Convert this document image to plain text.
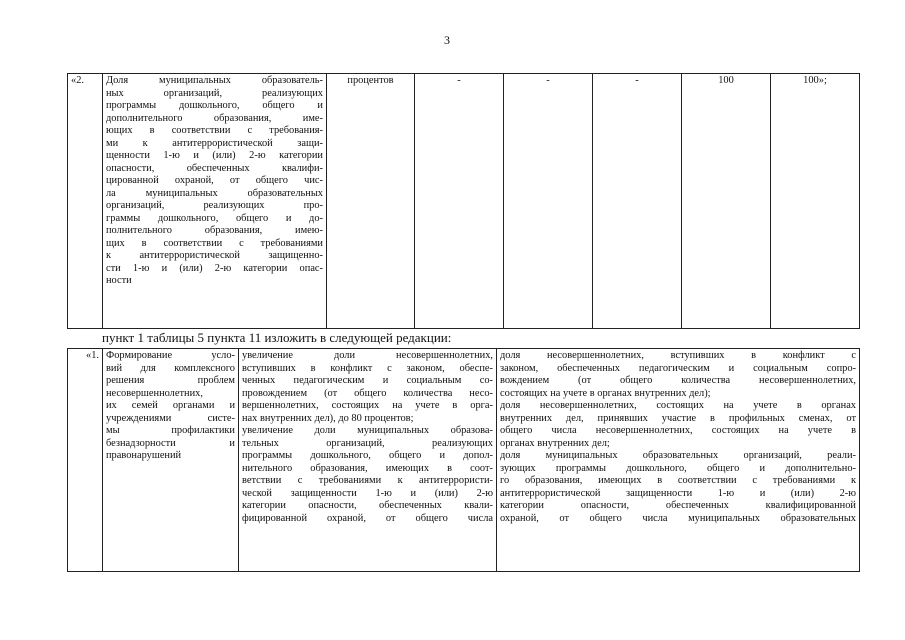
3
«2.	Доля муниципальных образователь-
ных организаций, реализующих
программы дошкольного, общего и
дополнительного образования, име-
ющих в соответствии с требования-
ми к антитеррористической защи-
щенности 1-ю и (или) 2-ю категории
опасности, обеспеченных квалифи-
цированной охраной, от общего чис-
ла муниципальных образовательных
организаций, реализующих про-
граммы дошкольного, общего и до-
полнительного образования, имею-
щих в соответствии с требованиями
к антитеррористической защищенно-
сти 1-ю и (или) 2-ю категории опас-
ности
	процентов	-	-	-	100	100»;
пункт 1 таблицы 5 пункта 11 изложить в следующей редакции:
«1.	Формирование усло-
вий для комплексного
решения проблем
несовершеннолетних,
их семей органами и
учреждениями систе-
мы профилактики
безнадзорности и
правонарушений

увеличение доли несовершеннолетних,
вступивших в конфликт с законом, обеспе-
ченных педагогическим и социальным со-
провождением (от общего количества несо-
вершеннолетних, состоящих на учете в орга-
нах внутренних дел), до 80 процентов;
увеличение доли муниципальных образова-
тельных организаций, реализующих
программы дошкольного, общего и допол-
нительного образования, имеющих в соот-
ветствии с требованиями к антитеррористи-
ческой защищенности 1-ю и (или) 2-ю
категории опасности, обеспеченных квали-
фицированной охраной, от общего числа

доля несовершеннолетних, вступивших в конфликт с
законом, обеспеченных педагогическим и социальным сопро-
вождением (от общего количества несовершеннолетних,
состоящих на учете в органах внутренних дел);
доля несовершеннолетних, состоящих на учете в органах
внутренних дел, принявших участие в профильных сменах, от
общего числа несовершеннолетних, состоящих на учете в
органах внутренних дел;
доля муниципальных образовательных организаций, реали-
зующих программы дошкольного, общего и дополнительно-
го образования, имеющих в соответствии с требованиями к
антитеррористической защищенности 1-ю и (или) 2-ю
категории опасности, обеспеченных квалифицированной
охраной, от общего числа муниципальных образовательных
